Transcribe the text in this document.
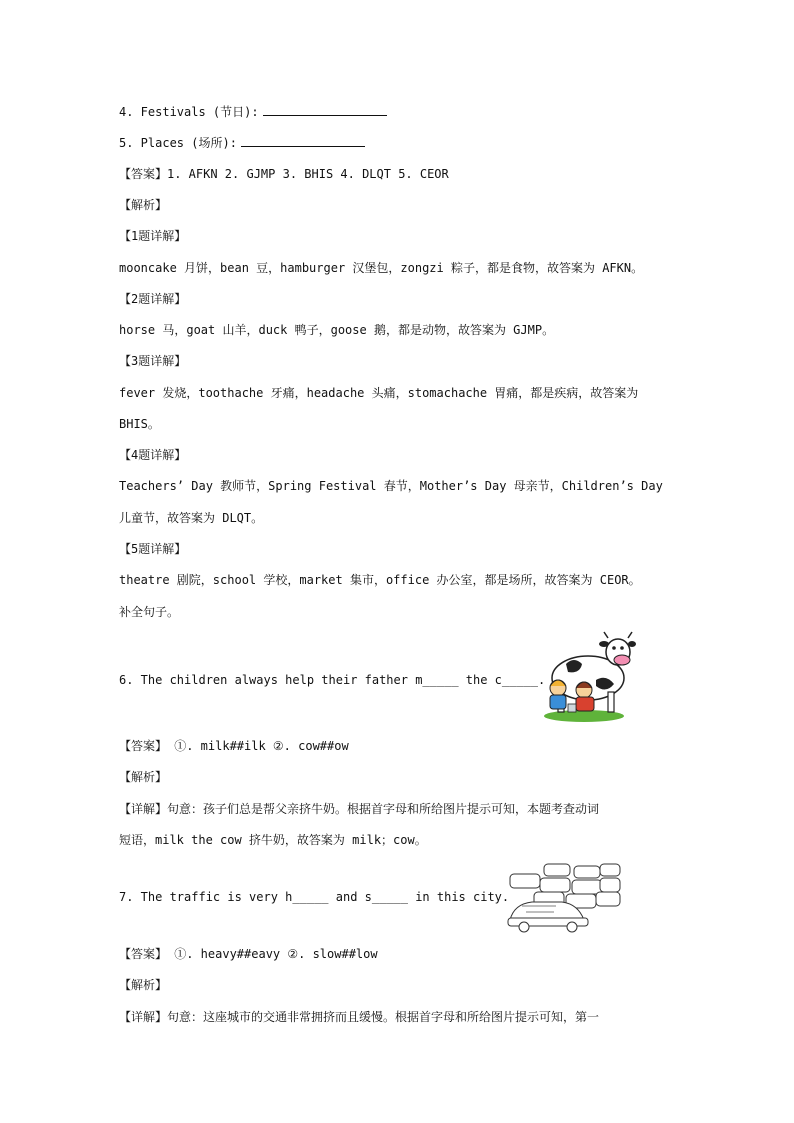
4. Festivals (节日):
5. Places (场所):
【答案】1. AFKN 2. GJMP 3. BHIS 4. DLQT 5. CEOR
【解析】
【1题详解】
mooncake 月饼，bean 豆，hamburger 汉堡包，zongzi 粽子，都是食物，故答案为 AFKN。
【2题详解】
horse 马，goat 山羊，duck 鸭子，goose 鹅，都是动物，故答案为 GJMP。
【3题详解】
fever 发烧，toothache 牙痛，headache 头痛，stomachache 胃痛，都是疾病，故答案为
BHIS。
【4题详解】
Teachers’ Day 教师节，Spring Festival 春节，Mother’s Day 母亲节，Children’s Day
儿童节，故答案为 DLQT。
【5题详解】
theatre 剧院，school 学校，market 集市，office 办公室，都是场所，故答案为 CEOR。
补全句子。
6. The children always help their father m_____ the c_____.
【答案】 ①. milk##ilk ②. cow##ow
【解析】
【详解】句意：孩子们总是帮父亲挤牛奶。根据首字母和所给图片提示可知，本题考查动词
短语，milk the cow 挤牛奶，故答案为 milk；cow。
7. The traffic is very h_____ and s_____ in this city.
【答案】 ①. heavy##eavy ②. slow##low
【解析】
【详解】句意：这座城市的交通非常拥挤而且缓慢。根据首字母和所给图片提示可知，第一
